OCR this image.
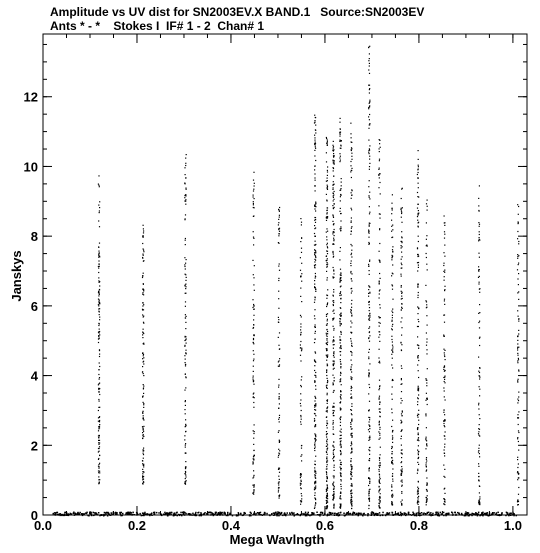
Amplitude vs UV dist for SN2003EV.X BAND.1   Source:SN2003EV
Ants * - *    Stokes I  IF# 1 - 2  Chan# 1
0.0	0.2	0.4	0.6	0.8	1.0
0
2
4
6
8
10
12
Mega Wavlngth
Janskys
